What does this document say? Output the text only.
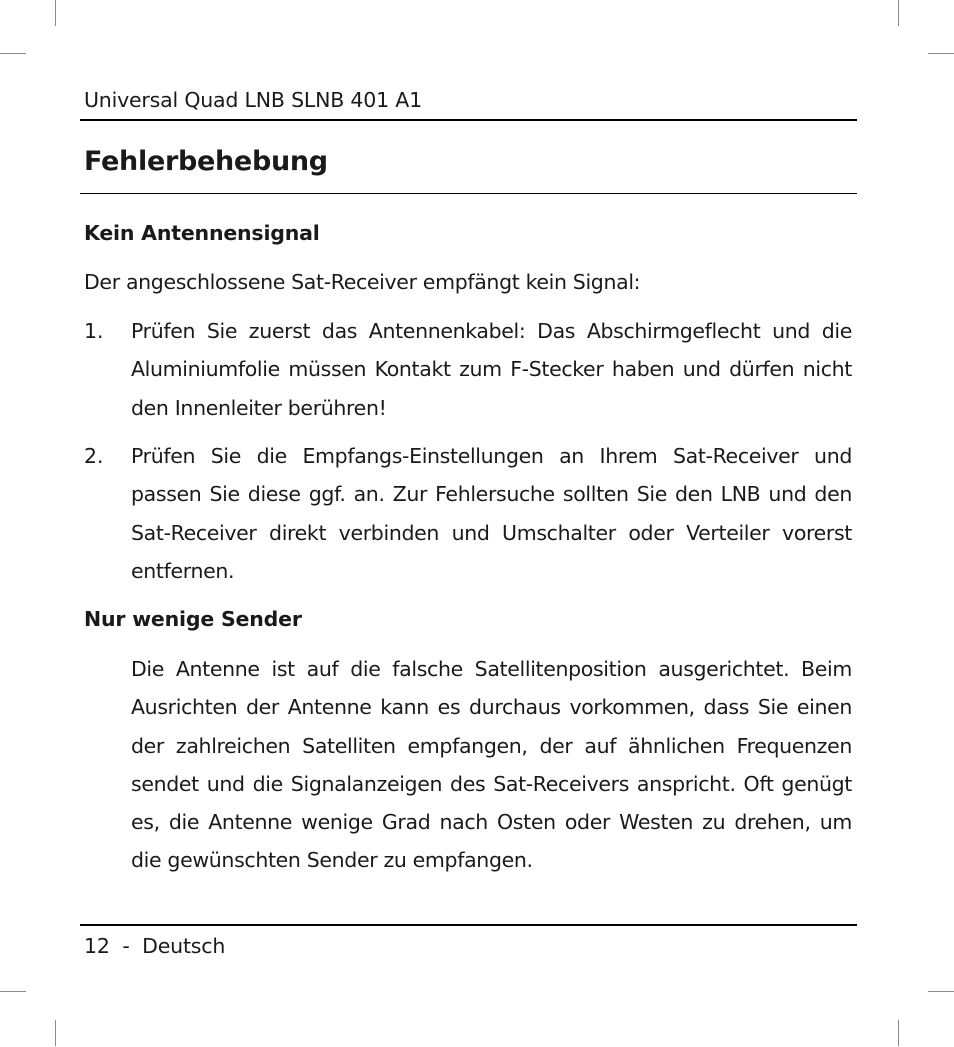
Universal Quad LNB SLNB 401 A1
Fehlerbehebung
Kein Antennensignal

Der angeschlossene Sat-Receiver empfängt kein Signal:

1. Prüfen Sie zuerst das Antennenkabel: Das Abschirmgeflecht und die Aluminiumfolie müssen Kontakt zum F-Stecker haben und dürfen nicht den Innenleiter berühren!

2. Prüfen Sie die Empfangs-Einstellungen an Ihrem Sat-Receiver und passen Sie diese ggf. an. Zur Fehlersuche sollten Sie den LNB und den Sat-Receiver direkt verbinden und Umschalter oder Verteiler vorerst entfernen.

Nur wenige Sender

Die Antenne ist auf die falsche Satellitenposition ausgerichtet. Beim Ausrichten der Antenne kann es durchaus vorkommen, dass Sie einen der zahlreichen Satelliten empfangen, der auf ähnlichen Frequenzen sendet und die Signalanzeigen des Sat-Receivers anspricht. Oft genügt es, die Antenne wenige Grad nach Osten oder Westen zu drehen, um die gewünschten Sender zu empfangen.

12 - Deutsch
